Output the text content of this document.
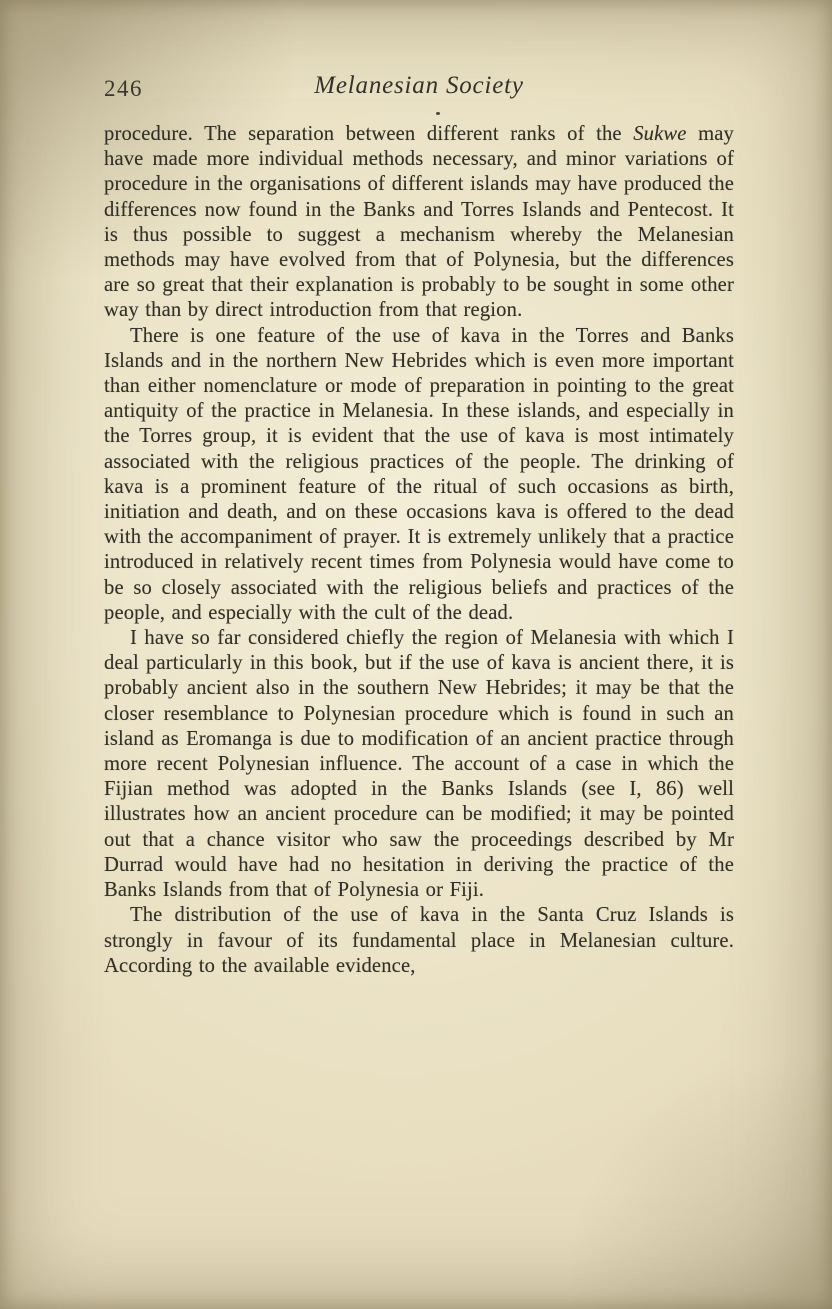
246	Melanesian Society

procedure. The separation between different ranks of the Sukwe may have made more individual methods necessary, and minor variations of procedure in the organisations of different islands may have produced the differences now found in the Banks and Torres Islands and Pentecost. It is thus possible to suggest a mechanism whereby the Melanesian methods may have evolved from that of Polynesia, but the differences are so great that their explanation is probably to be sought in some other way than by direct introduction from that region.

There is one feature of the use of kava in the Torres and Banks Islands and in the northern New Hebrides which is even more important than either nomenclature or mode of preparation in pointing to the great antiquity of the practice in Melanesia. In these islands, and especially in the Torres group, it is evident that the use of kava is most intimately associated with the religious practices of the people. The drinking of kava is a prominent feature of the ritual of such occasions as birth, initiation and death, and on these occasions kava is offered to the dead with the accompaniment of prayer. It is extremely unlikely that a practice introduced in relatively recent times from Polynesia would have come to be so closely associated with the religious beliefs and practices of the people, and especially with the cult of the dead.

I have so far considered chiefly the region of Melanesia with which I deal particularly in this book, but if the use of kava is ancient there, it is probably ancient also in the southern New Hebrides; it may be that the closer resemblance to Polynesian procedure which is found in such an island as Eromanga is due to modification of an ancient practice through more recent Polynesian influence. The account of a case in which the Fijian method was adopted in the Banks Islands (see I, 86) well illustrates how an ancient procedure can be modified; it may be pointed out that a chance visitor who saw the proceedings described by Mr Durrad would have had no hesitation in deriving the practice of the Banks Islands from that of Polynesia or Fiji.

The distribution of the use of kava in the Santa Cruz Islands is strongly in favour of its fundamental place in Melanesian culture. According to the available evidence,
